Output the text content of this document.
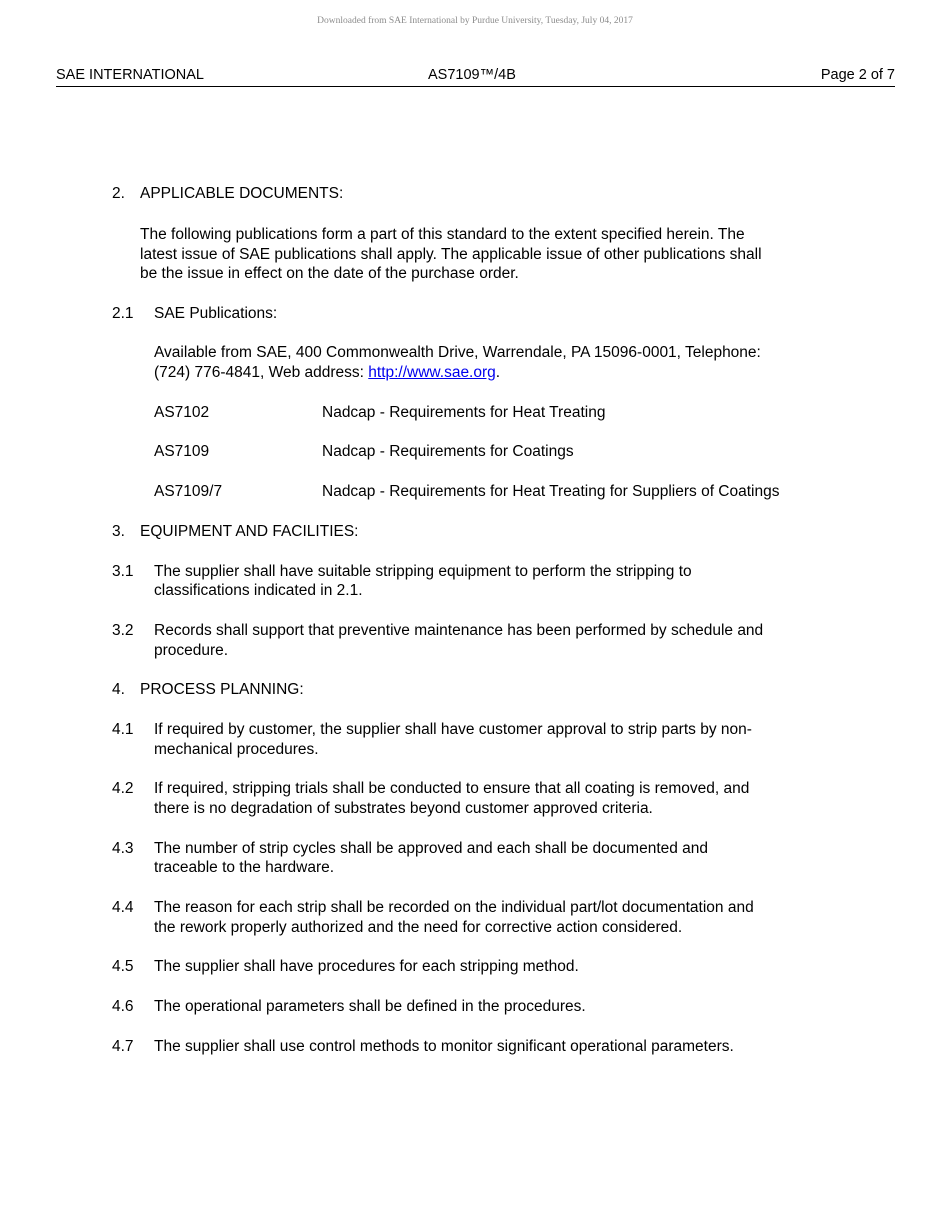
Downloaded from SAE International by Purdue University, Tuesday, July 04, 2017
SAE INTERNATIONAL	AS7109™/4B	Page 2 of 7
2. APPLICABLE DOCUMENTS:
The following publications form a part of this standard to the extent specified herein. The
latest issue of SAE publications shall apply. The applicable issue of other publications shall
be the issue in effect on the date of the purchase order.
2.1 SAE Publications:
Available from SAE, 400 Commonwealth Drive, Warrendale, PA 15096-0001, Telephone:
(724) 776-4841, Web address: http://www.sae.org.
AS7102	Nadcap - Requirements for Heat Treating
AS7109	Nadcap - Requirements for Coatings
AS7109/7	Nadcap - Requirements for Heat Treating for Suppliers of Coatings
3. EQUIPMENT AND FACILITIES:
3.1 The supplier shall have suitable stripping equipment to perform the stripping to
classifications indicated in 2.1.
3.2 Records shall support that preventive maintenance has been performed by schedule and
procedure.
4. PROCESS PLANNING:
4.1 If required by customer, the supplier shall have customer approval to strip parts by non-
mechanical procedures.
4.2 If required, stripping trials shall be conducted to ensure that all coating is removed, and
there is no degradation of substrates beyond customer approved criteria.
4.3 The number of strip cycles shall be approved and each shall be documented and
traceable to the hardware.
4.4 The reason for each strip shall be recorded on the individual part/lot documentation and
the rework properly authorized and the need for corrective action considered.
4.5 The supplier shall have procedures for each stripping method.
4.6 The operational parameters shall be defined in the procedures.
4.7 The supplier shall use control methods to monitor significant operational parameters.
